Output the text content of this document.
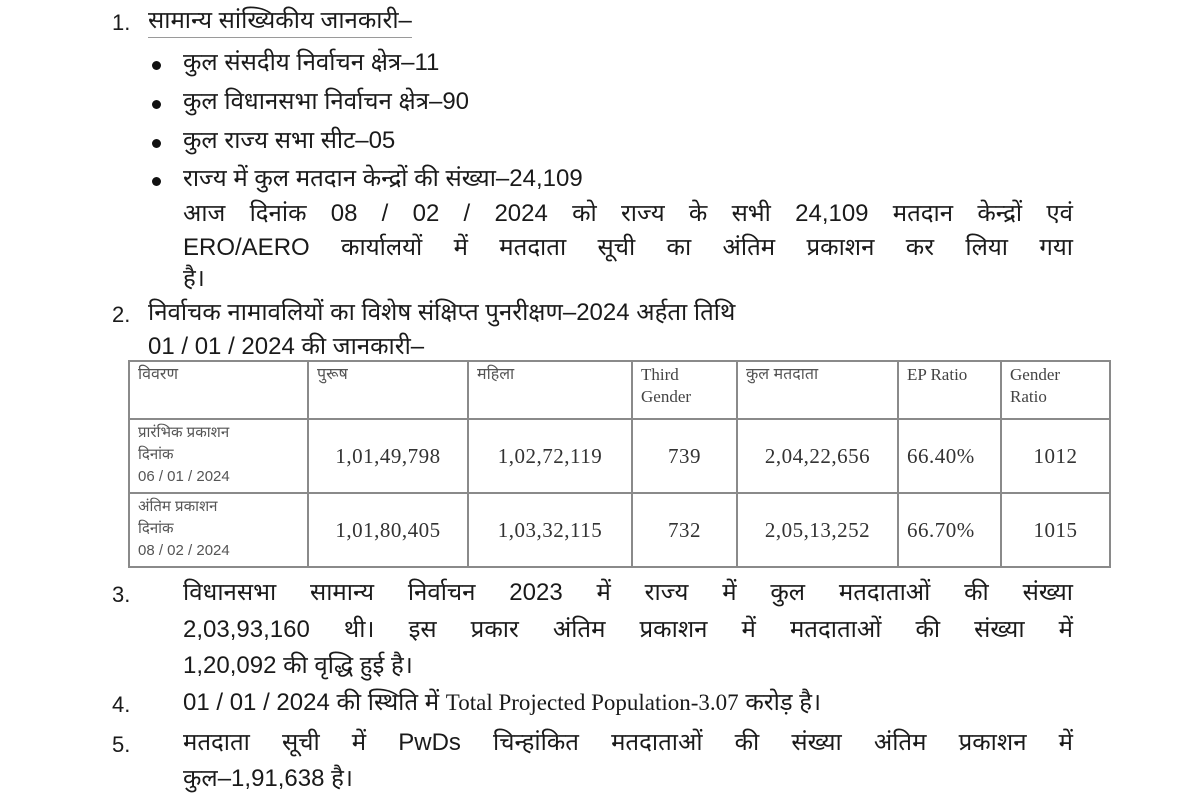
1. सामान्य सांख्यिकीय जानकारी–
कुल संसदीय निर्वाचन क्षेत्र–11
कुल विधानसभा निर्वाचन क्षेत्र–90
कुल राज्य सभा सीट–05
राज्य में कुल मतदान केन्द्रों की संख्या–24,109
आज दिनांक 08 / 02 / 2024 को राज्य के सभी 24,109 मतदान केन्द्रों एवं
ERO/AERO कार्यालयों में मतदाता सूची का अंतिम प्रकाशन कर लिया गया
है।
2. निर्वाचक नामावलियों का विशेष संक्षिप्त पुनरीक्षण–2024 अर्हता तिथि
01 / 01 / 2024 की जानकारी–
विवरण	पुरूष	महिला	Third Gender	कुल मतदाता	EP Ratio	Gender Ratio

प्रारंभिक प्रकाशन
दिनांक
06 / 01 / 2024	1,01,49,798	1,02,72,119	739	2,04,22,656	66.40%	1012

अंतिम प्रकाशन
दिनांक
08 / 02 / 2024	1,01,80,405	1,03,32,115	732	2,05,13,252	66.70%	1015
3. विधानसभा सामान्य निर्वाचन 2023 में राज्य में कुल मतदाताओं की संख्या
2,03,93,160 थी। इस प्रकार अंतिम प्रकाशन में मतदाताओं की संख्या में
1,20,092 की वृद्धि हुई है।
4. 01 / 01 / 2024 की स्थिति में Total Projected Population-3.07 करोड़ है।
5. मतदाता सूची में PwDs चिन्हांकित मतदाताओं की संख्या अंतिम प्रकाशन में
कुल–1,91,638 है।
